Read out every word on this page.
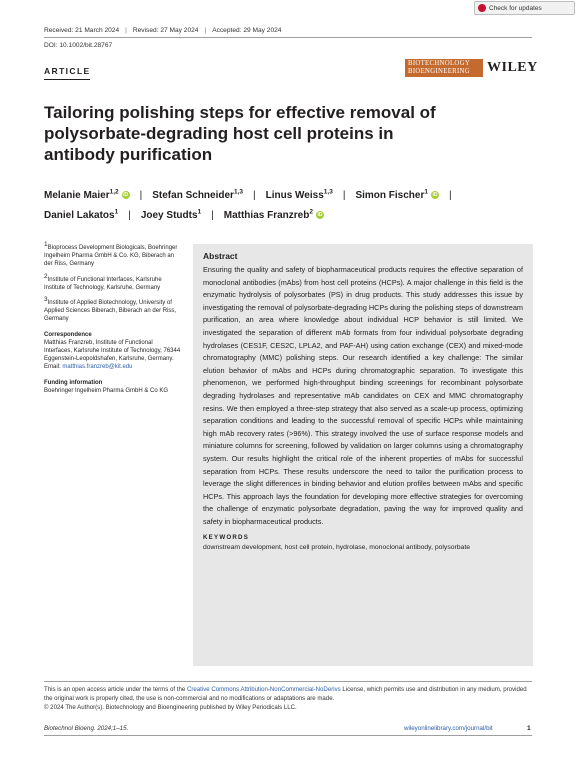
Check for updates
Received: 21 March 2024 | Revised: 27 May 2024 | Accepted: 29 May 2024
DOI: 10.1002/bit.28767
ARTICLE
BIOTECHNOLOGY
BIOENGINEERING	WILEY
Tailoring polishing steps for effective removal of polysorbate-degrading host cell proteins in antibody purification
Melanie Maier$^{1,2}$ iD | Stefan Schneider$^{1,3}$ | Linus Weiss$^{1,3}$ | Simon Fischer$^1$ iD |
Daniel Lakatos$^1$ | Joey Studts$^1$ | Matthias Franzreb$^2$ iD
1Bioprocess Development Biologicals, Boehringer Ingelheim Pharma GmbH & Co. KG, Biberach an der Riss, Germany
2Institute of Functional Interfaces, Karlsruhe Institute of Technology, Karlsruhe, Germany
3Institute of Applied Biotechnology, University of Applied Sciences Biberach, Biberach an der Riss, Germany
Correspondence
Matthias Franzreb, Institute of Functional Interfaces, Karlsruhe Institute of Technology, 76344 Eggenstein-Leopoldshafen, Karlsruhe, Germany.
Email: matthias.franzreb@kit.edu
Funding information
Boehringer Ingelheim Pharma GmbH & Co KG
Abstract

Ensuring the quality and safety of biopharmaceutical products requires the effective separation of monoclonal antibodies (mAbs) from host cell proteins (HCPs). A major challenge in this field is the enzymatic hydrolysis of polysorbates (PS) in drug products. This study addresses this issue by investigating the removal of polysorbate-degrading HCPs during the polishing steps of downstream purification, an area where knowledge about individual HCP behavior is still limited. We investigated the separation of different mAb formats from four individual polysorbate degrading hydrolases (CES1F, CES2C, LPLA2, and PAF-AH) using cation exchange (CEX) and mixed-mode chromatography (MMC) polishing steps. Our research identified a key challenge: The similar elution behavior of mAbs and HCPs during chromatographic separation. To investigate this phenomenon, we performed high-throughput binding screenings for recombinant polysorbate degrading hydrolases and representative mAb candidates on CEX and MMC chromatography resins. We then employed a three-step strategy that also served as a scale-up process, optimizing separation conditions and leading to the successful removal of specific HCPs while maintaining high mAb recovery rates (>96%). This strategy involved the use of surface response models and miniature columns for screening, followed by validation on larger columns using a chromatography system. Our results highlight the critical role of the inherent properties of mAbs for successful separation from HCPs. These results underscore the need to tailor the purification process to leverage the slight differences in binding behavior and elution profiles between mAbs and specific HCPs. This approach lays the foundation for developing more effective strategies for overcoming the challenge of enzymatic polysorbate degradation, paving the way for improved quality and safety in biopharmaceutical products.

KEYWORDS
downstream development, host cell protein, hydrolase, monoclonal antibody, polysorbate
This is an open access article under the terms of the Creative Commons Attribution-NonCommercial-NoDerivs License, which permits use and distribution in any medium, provided the original work is properly cited, the use is non-commercial and no modifications or adaptations are made.
© 2024 The Author(s). Biotechnology and Bioengineering published by Wiley Periodicals LLC.
Biotechnol Bioeng. 2024;1–15.	wileyonlinelibrary.com/journal/bit	1
